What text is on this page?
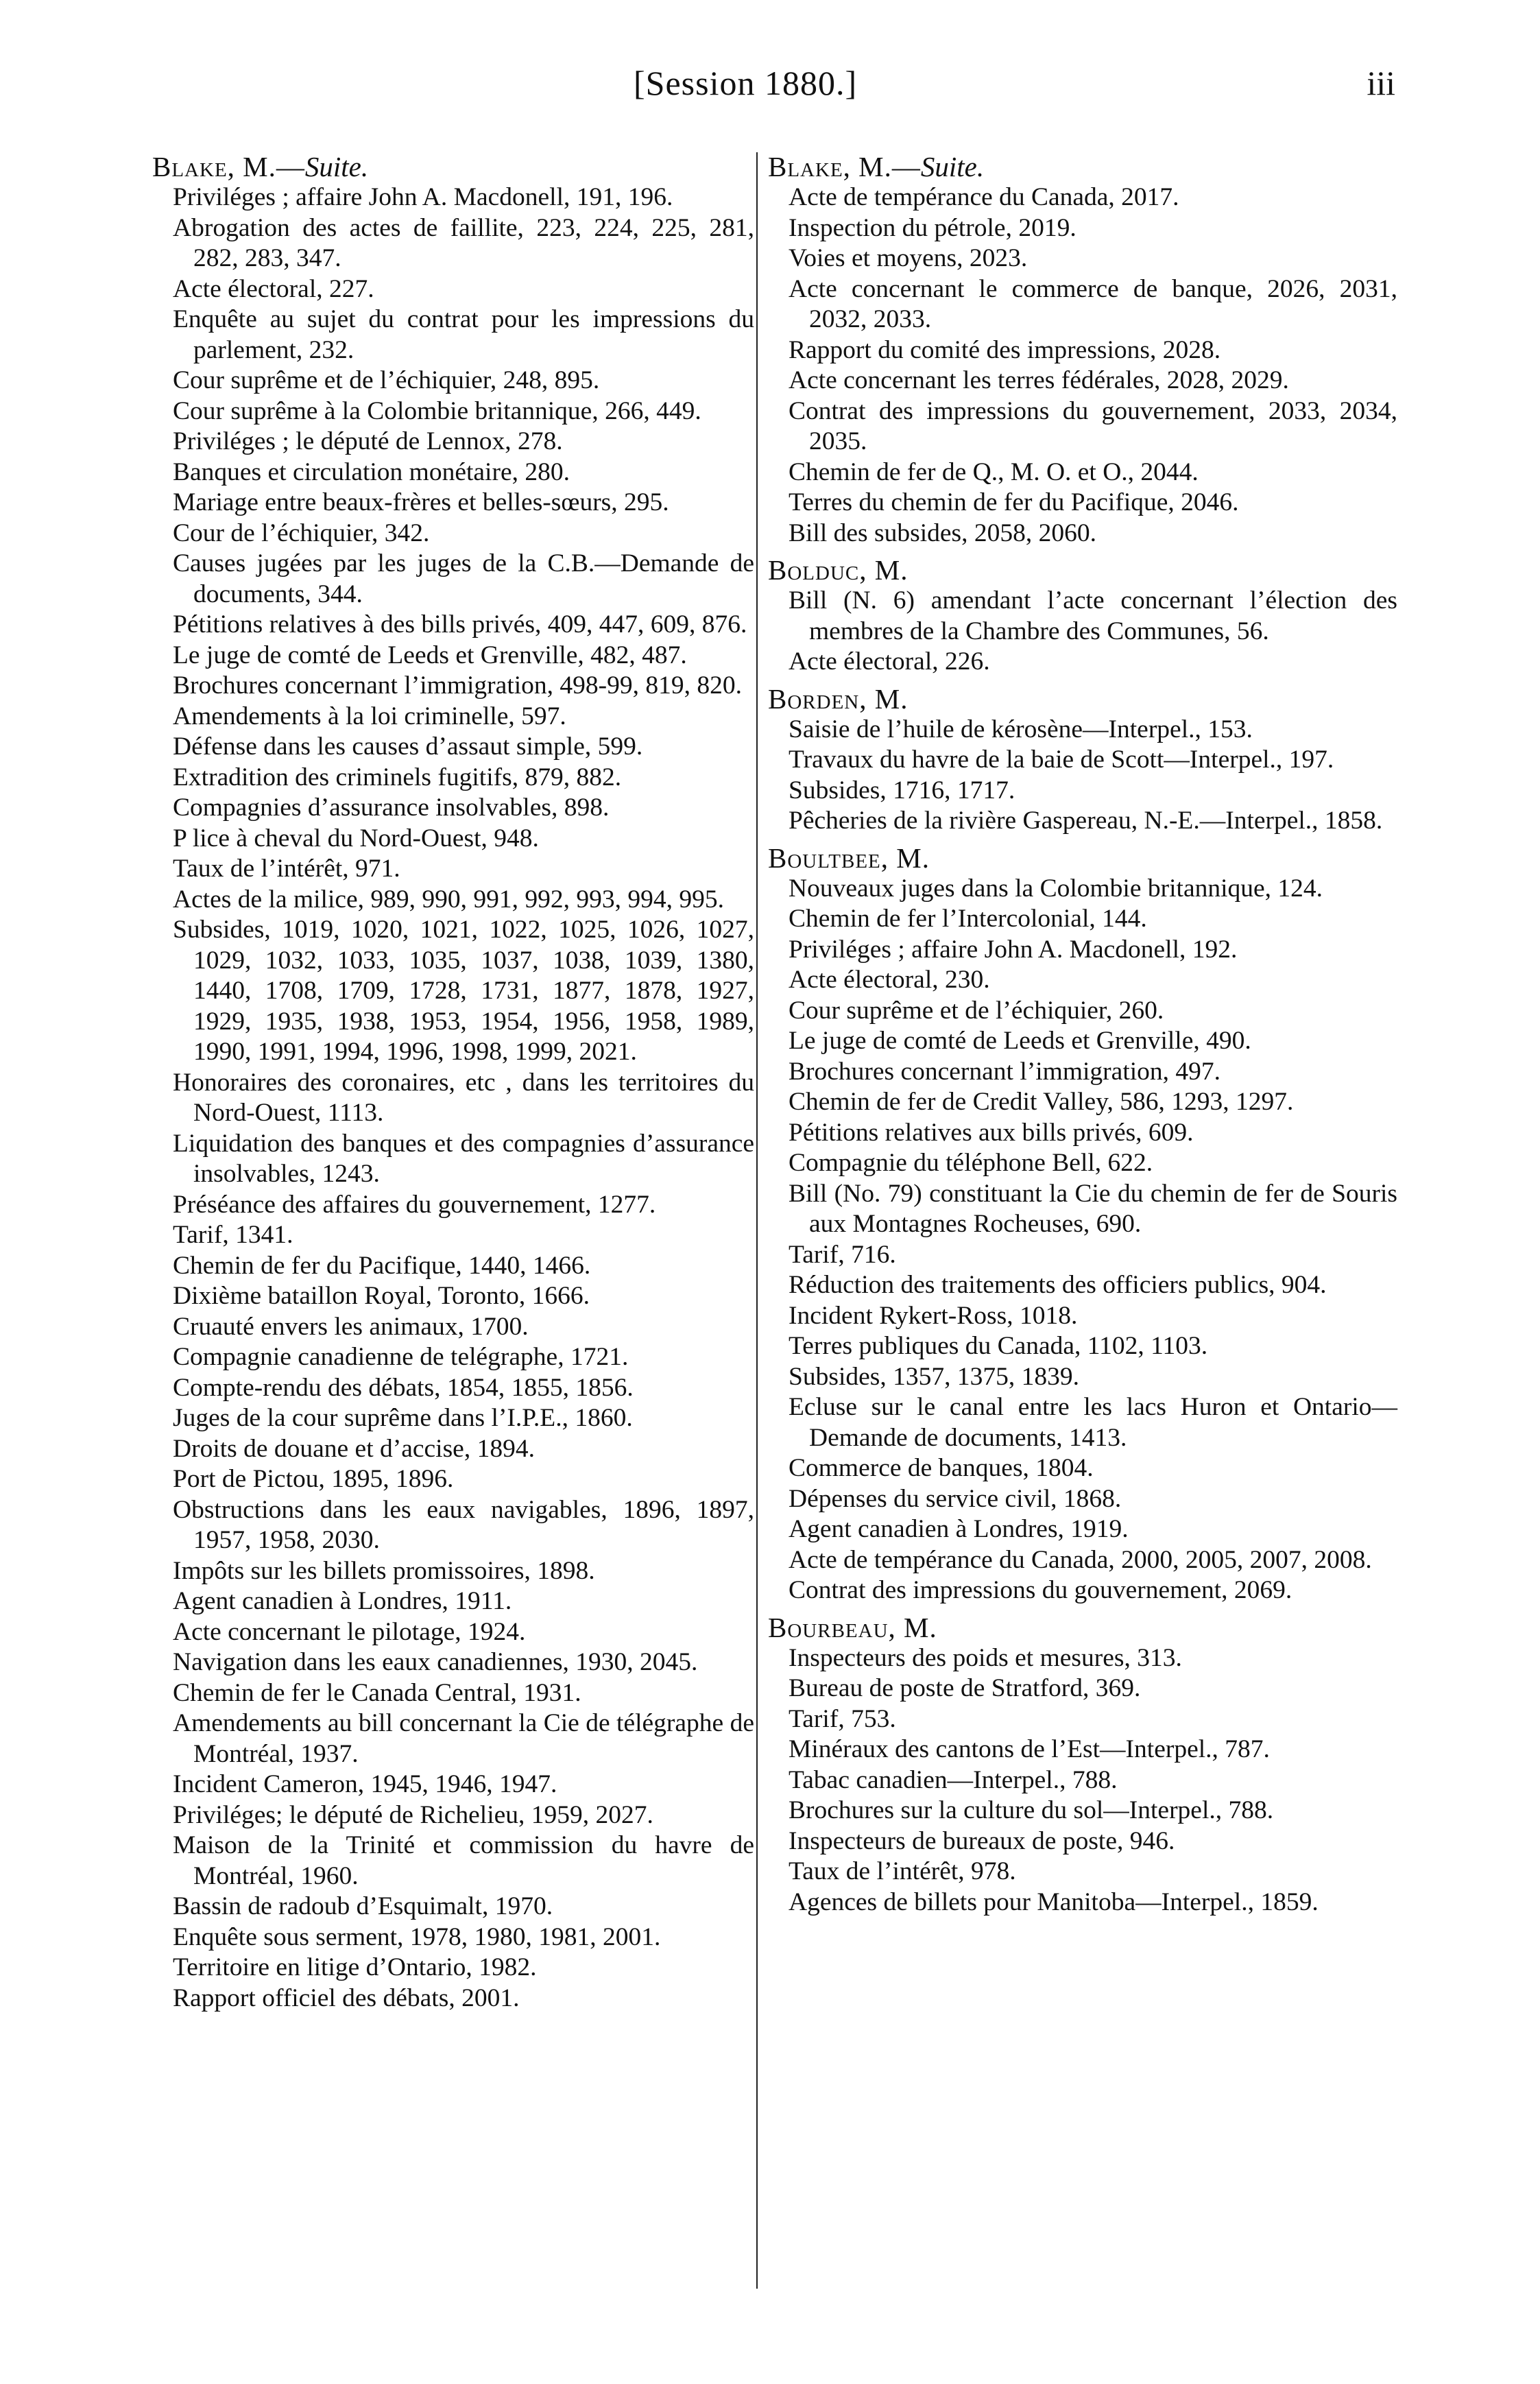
[Session 1880.]	iii
Blake, M.—Suite.
Priviléges ; affaire John A. Macdonell, 191, 196.
Abrogation des actes de faillite, 223, 224, 225, 281, 282, 283, 347.
Acte électoral, 227.
Enquête au sujet du contrat pour les impressions du parlement, 232.
Cour suprême et de l’échiquier, 248, 895.
Cour suprême à la Colombie britannique, 266, 449.
Priviléges ; le député de Lennox, 278.
Banques et circulation monétaire, 280.
Mariage entre beaux-frères et belles-sœurs, 295.
Cour de l’échiquier, 342.
Causes jugées par les juges de la C.B.—Demande de documents, 344.
Pétitions relatives à des bills privés, 409, 447, 609, 876.
Le juge de comté de Leeds et Grenville, 482, 487.
Brochures concernant l’immigration, 498-99, 819, 820.
Amendements à la loi criminelle, 597.
Défense dans les causes d’assaut simple, 599.
Extradition des criminels fugitifs, 879, 882.
Compagnies d’assurance insolvables, 898.
P lice à cheval du Nord-Ouest, 948.
Taux de l’intérêt, 971.
Actes de la milice, 989, 990, 991, 992, 993, 994, 995.
Subsides, 1019, 1020, 1021, 1022, 1025, 1026, 1027, 1029, 1032, 1033, 1035, 1037, 1038, 1039, 1380, 1440, 1708, 1709, 1728, 1731, 1877, 1878, 1927, 1929, 1935, 1938, 1953, 1954, 1956, 1958, 1989, 1990, 1991, 1994, 1996, 1998, 1999, 2021.
Honoraires des coronaires, etc , dans les territoires du Nord-Ouest, 1113.
Liquidation des banques et des compagnies d’assurance insolvables, 1243.
Préséance des affaires du gouvernement, 1277.
Tarif, 1341.
Chemin de fer du Pacifique, 1440, 1466.
Dixième bataillon Royal, Toronto, 1666.
Cruauté envers les animaux, 1700.
Compagnie canadienne de telégraphe, 1721.
Compte-rendu des débats, 1854, 1855, 1856.
Juges de la cour suprême dans l’I.P.E., 1860.
Droits de douane et d’accise, 1894.
Port de Pictou, 1895, 1896.
Obstructions dans les eaux navigables, 1896, 1897, 1957, 1958, 2030.
Impôts sur les billets promissoires, 1898.
Agent canadien à Londres, 1911.
Acte concernant le pilotage, 1924.
Navigation dans les eaux canadiennes, 1930, 2045.
Chemin de fer le Canada Central, 1931.
Amendements au bill concernant la Cie de télégraphe de Montréal, 1937.
Incident Cameron, 1945, 1946, 1947.
Priviléges; le député de Richelieu, 1959, 2027.
Maison de la Trinité et commission du havre de Montréal, 1960.
Bassin de radoub d’Esquimalt, 1970.
Enquête sous serment, 1978, 1980, 1981, 2001.
Territoire en litige d’Ontario, 1982.
Rapport officiel des débats, 2001.
Blake, M.—Suite.
Acte de tempérance du Canada, 2017.
Inspection du pétrole, 2019.
Voies et moyens, 2023.
Acte concernant le commerce de banque, 2026, 2031, 2032, 2033.
Rapport du comité des impressions, 2028.
Acte concernant les terres fédérales, 2028, 2029.
Contrat des impressions du gouvernement, 2033, 2034, 2035.
Chemin de fer de Q., M. O. et O., 2044.
Terres du chemin de fer du Pacifique, 2046.
Bill des subsides, 2058, 2060.
Bolduc, M.
Bill (N. 6) amendant l’acte concernant l’élection des membres de la Chambre des Communes, 56.
Acte électoral, 226.
Borden, M.
Saisie de l’huile de kérosène—Interpel., 153.
Travaux du havre de la baie de Scott—Interpel., 197.
Subsides, 1716, 1717.
Pêcheries de la rivière Gaspereau, N.-E.—Interpel., 1858.
Boultbee, M.
Nouveaux juges dans la Colombie britannique, 124.
Chemin de fer l’Intercolonial, 144.
Priviléges ; affaire John A. Macdonell, 192.
Acte électoral, 230.
Cour suprême et de l’échiquier, 260.
Le juge de comté de Leeds et Grenville, 490.
Brochures concernant l’immigration, 497.
Chemin de fer de Credit Valley, 586, 1293, 1297.
Pétitions relatives aux bills privés, 609.
Compagnie du téléphone Bell, 622.
Bill (No. 79) constituant la Cie du chemin de fer de Souris aux Montagnes Rocheuses, 690.
Tarif, 716.
Réduction des traitements des officiers publics, 904.
Incident Rykert-Ross, 1018.
Terres publiques du Canada, 1102, 1103.
Subsides, 1357, 1375, 1839.
Ecluse sur le canal entre les lacs Huron et Ontario—Demande de documents, 1413.
Commerce de banques, 1804.
Dépenses du service civil, 1868.
Agent canadien à Londres, 1919.
Acte de tempérance du Canada, 2000, 2005, 2007, 2008.
Contrat des impressions du gouvernement, 2069.
Bourbeau, M.
Inspecteurs des poids et mesures, 313.
Bureau de poste de Stratford, 369.
Tarif, 753.
Minéraux des cantons de l’Est—Interpel., 787.
Tabac canadien—Interpel., 788.
Brochures sur la culture du sol—Interpel., 788.
Inspecteurs de bureaux de poste, 946.
Taux de l’intérêt, 978.
Agences de billets pour Manitoba—Interpel., 1859.
